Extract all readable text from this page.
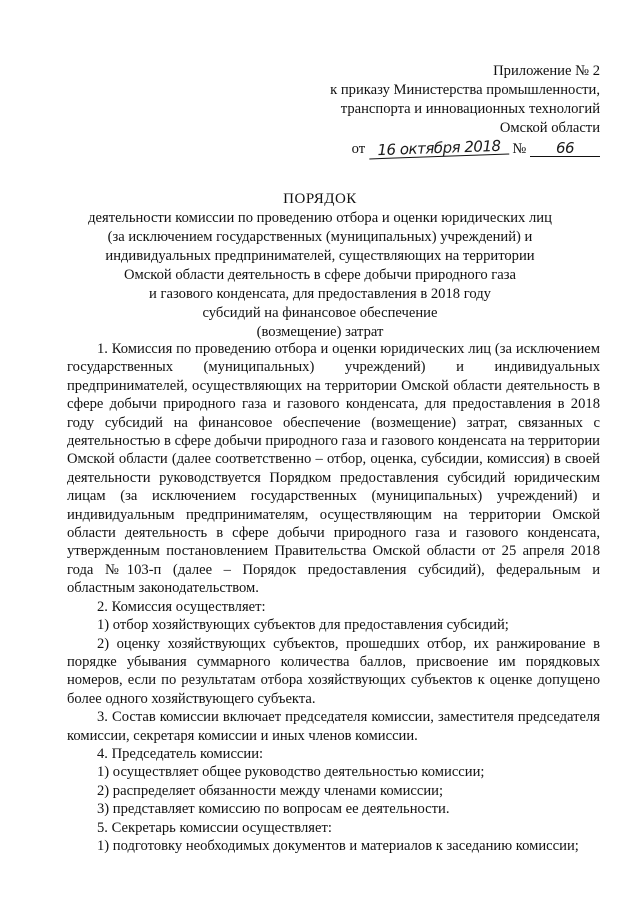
Приложение № 2
к приказу Министерства промышленности,
транспорта и инновационных технологий
Омской области
от 16 октября 2018 № 66
ПОРЯДОК
деятельности комиссии по проведению отбора и оценки юридических лиц
(за исключением государственных (муниципальных) учреждений) и
индивидуальных предпринимателей, существляющих на территории
Омской области деятельность в сфере добычи природного газа
и газового конденсата, для предоставления в 2018 году
субсидий на финансовое обеспечение
(возмещение) затрат

1. Комиссия по проведению отбора и оценки юридических лиц (за исключением государственных (муниципальных) учреждений) и индивидуальных предпринимателей, осуществляющих на территории Омской области деятельность в сфере добычи природного газа и газового конденсата, для предоставления в 2018 году субсидий на финансовое обеспечение (возмещение) затрат, связанных с деятельностью в сфере добычи природного газа и газового конденсата на территории Омской области (далее соответственно – отбор, оценка, субсидии, комиссия) в своей деятельности руководствуется Порядком предоставления субсидий юридическим лицам (за исключением государственных (муниципальных) учреждений) и индивидуальным предпринимателям, осуществляющим на территории Омской области деятельность в сфере добычи природного газа и газового конденсата, утвержденным постановлением Правительства Омской области от 25 апреля 2018 года №103-п (далее – Порядок предоставления субсидий), федеральным и областным законодательством.

2. Комиссия осуществляет:

1) отбор хозяйствующих субъектов для предоставления субсидий;

2) оценку хозяйствующих субъектов, прошедших отбор, их ранжирование в порядке убывания суммарного количества баллов, присвоение им порядковых номеров, если по результатам отбора хозяйствующих субъектов к оценке допущено более одного хозяйствующего субъекта.

3. Состав комиссии включает председателя комиссии, заместителя председателя комиссии, секретаря комиссии и иных членов комиссии.

4. Председатель комиссии:

1) осуществляет общее руководство деятельностью комиссии;

2) распределяет обязанности между членами комиссии;

3) представляет комиссию по вопросам ее деятельности.

5. Секретарь комиссии осуществляет:

1) подготовку необходимых документов и материалов к заседанию комиссии;
